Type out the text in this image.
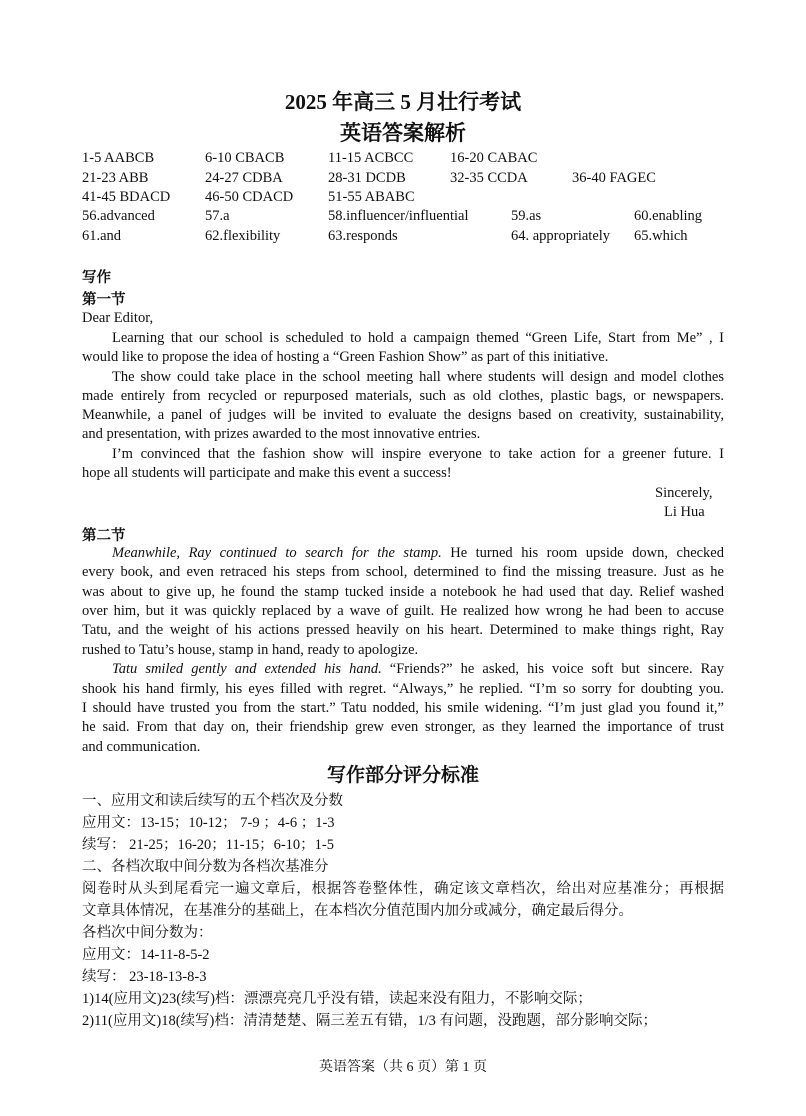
2025 年高三 5 月壮行考试
英语答案解析
1-5 AABCB	6-10 CBACB	11-15 ACBCC	16-20 CABAC
21-23 ABB	24-27 CDBA	28-31 DCDB	32-35 CCDA	36-40 FAGEC
41-45 BDACD 46-50 CDACD 51-55 ABABC
56.advanced	57.a	58.influencer/influential	59.as	60.enabling
61.and	62.flexibility	63.responds	64. appropriately 65.which
写作
第一节
Dear Editor,
Learning that our school is scheduled to hold a campaign themed “Green Life, Start from Me” , I
would like to propose the idea of hosting a “Green Fashion Show” as part of this initiative.
The show could take place in the school meeting hall where students will design and model clothes
made entirely from recycled or repurposed materials, such as old clothes, plastic bags, or newspapers.
Meanwhile, a panel of judges will be invited to evaluate the designs based on creativity, sustainability,
and presentation, with prizes awarded to the most innovative entries.
I’m convinced that the fashion show will inspire everyone to take action for a greener future. I
hope all students will participate and make this event a success!
Sincerely,
Li Hua
第二节
Meanwhile, Ray continued to search for the stamp. He turned his room upside down, checked
every book, and even retraced his steps from school, determined to find the missing treasure. Just as he
was about to give up, he found the stamp tucked inside a notebook he had used that day. Relief washed
over him, but it was quickly replaced by a wave of guilt. He realized how wrong he had been to accuse
Tatu, and the weight of his actions pressed heavily on his heart. Determined to make things right, Ray
rushed to Tatu’s house, stamp in hand, ready to apologize.
Tatu smiled gently and extended his hand. “Friends?” he asked, his voice soft but sincere. Ray
shook his hand firmly, his eyes filled with regret. “Always,” he replied. “I’m so sorry for doubting you.
I should have trusted you from the start.” Tatu nodded, his smile widening. “I’m just glad you found it,”
he said. From that day on, their friendship grew even stronger, as they learned the importance of trust
and communication.
写作部分评分标准
一、应用文和读后续写的五个档次及分数
应用文：13-15；10-12； 7-9 ；4-6 ；1-3
续写： 21-25；16-20；11-15；6-10；1-5
二、各档次取中间分数为各档次基准分
阅卷时从头到尾看完一遍文章后，根据答卷整体性，确定该文章档次，给出对应基准分；再根据
文章具体情况，在基准分的基础上，在本档次分值范围内加分或减分，确定最后得分。
各档次中间分数为：
应用文：14-11-8-5-2
续写： 23-18-13-8-3
1)14(应用文)23(续写)档：漂漂亮亮几乎没有错，读起来没有阻力，不影响交际；
2)11(应用文)18(续写)档：清清楚楚、隔三差五有错，1/3 有问题，没跑题，部分影响交际；
英语答案（共 6 页）第 1 页
